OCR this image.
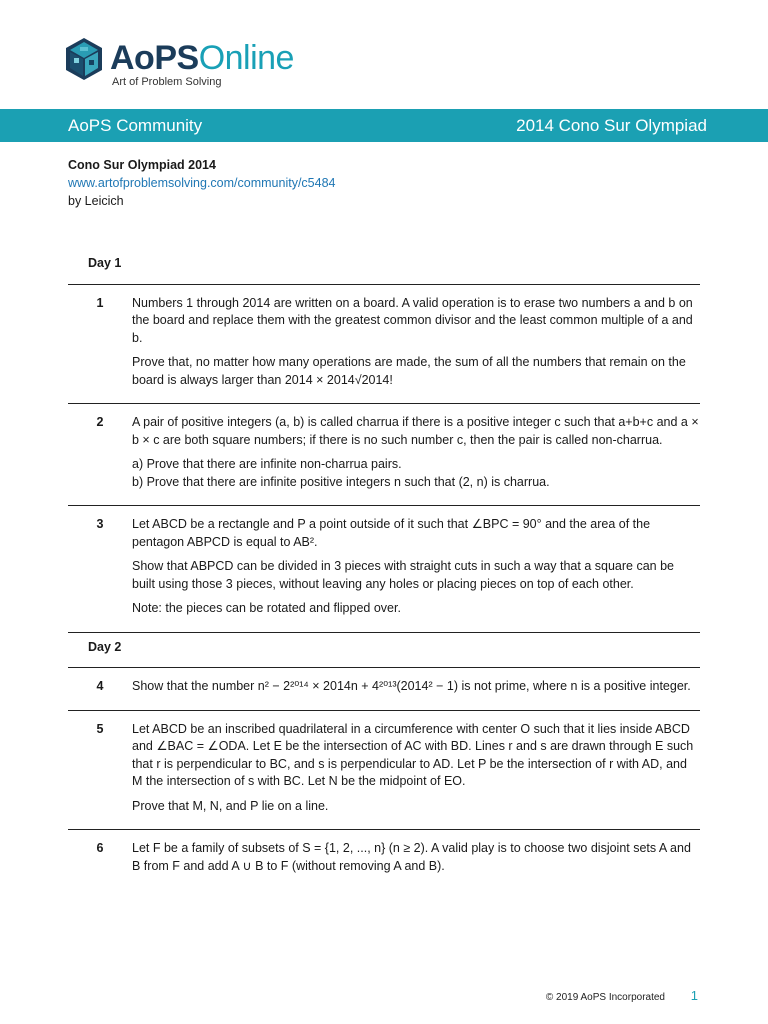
AoPSOnline
Art of Problem Solving
AoPS Community	2014 Cono Sur Olympiad
Cono Sur Olympiad 2014
www.artofproblemsolving.com/community/c5484
by Leicich
Day 1
1	Numbers 1 through 2014 are written on a board. A valid operation is to erase two numbers a and b on the board and replace them with the greatest common divisor and the least common multiple of a and b.

Prove that, no matter how many operations are made, the sum of all the numbers that remain on the board is always larger than 2014 × 2014√2014!

2	A pair of positive integers (a, b) is called charrua if there is a positive integer c such that a+b+c and a × b × c are both square numbers; if there is no such number c, then the pair is called non-charrua.

a) Prove that there are infinite non-charrua pairs.
b) Prove that there are infinite positive integers n such that (2, n) is charrua.

3	Let ABCD be a rectangle and P a point outside of it such that ∠BPC = 90° and the area of the pentagon ABPCD is equal to AB².

Show that ABPCD can be divided in 3 pieces with straight cuts in such a way that a square can be built using those 3 pieces, without leaving any holes or placing pieces on top of each other.

Note: the pieces can be rotated and flipped over.

Day 2
4	Show that the number n² − 2²⁰¹⁴ × 2014n + 4²⁰¹³(2014² − 1) is not prime, where n is a positive integer.

5	Let ABCD be an inscribed quadrilateral in a circumference with center O such that it lies inside ABCD and ∠BAC = ∠ODA. Let E be the intersection of AC with BD. Lines r and s are drawn through E such that r is perpendicular to BC, and s is perpendicular to AD. Let P be the intersection of r with AD, and M the intersection of s with BC. Let N be the midpoint of EO.

Prove that M, N, and P lie on a line.

6	Let F be a family of subsets of S = {1, 2, ..., n} (n ≥ 2). A valid play is to choose two disjoint sets A and B from F and add A ∪ B to F (without removing A and B).

© 2019 AoPS Incorporated 1
